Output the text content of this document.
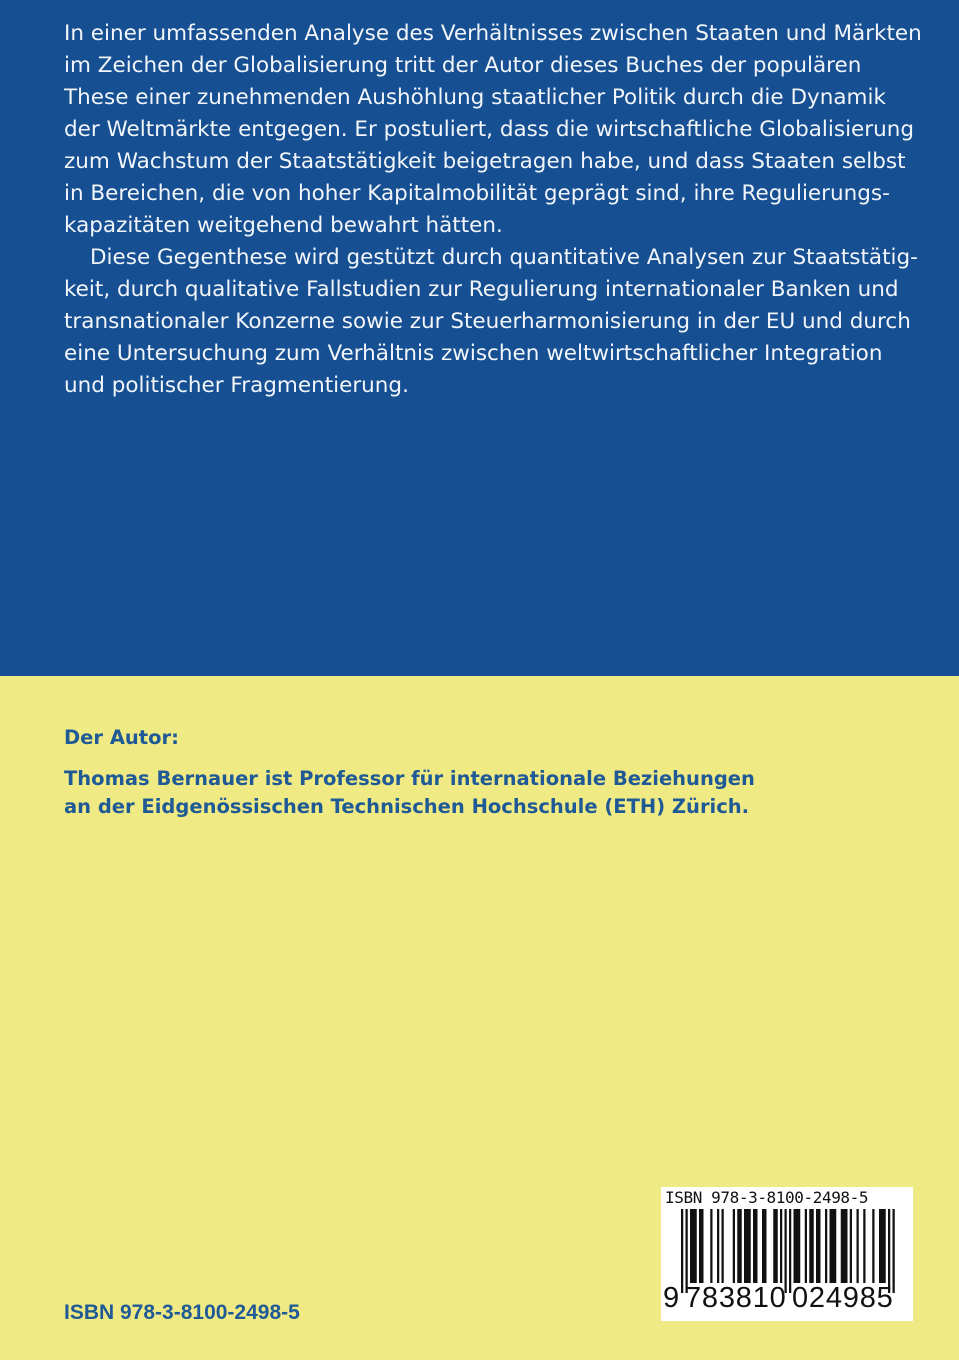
In einer umfassenden Analyse des Verhältnisses zwischen Staaten und Märkten
im Zeichen der Globalisierung tritt der Autor dieses Buches der populären
These einer zunehmenden Aushöhlung staatlicher Politik durch die Dynamik
der Weltmärkte entgegen. Er postuliert, dass die wirtschaftliche Globalisierung
zum Wachstum der Staatstätigkeit beigetragen habe, und dass Staaten selbst
in Bereichen, die von hoher Kapitalmobilität geprägt sind, ihre Regulierungs-
kapazitäten weitgehend bewahrt hätten.

Diese Gegenthese wird gestützt durch quantitative Analysen zur Staatstätig-
keit, durch qualitative Fallstudien zur Regulierung internationaler Banken und
transnationaler Konzerne sowie zur Steuerharmonisierung in der EU und durch
eine Untersuchung zum Verhältnis zwischen weltwirtschaftlicher Integration
und politischer Fragmentierung.

Der Autor:
Thomas Bernauer ist Professor für internationale Beziehungen
an der Eidgenössischen Technischen Hochschule (ETH) Zürich.
ISBN 978-3-8100-2498-5
ISBN 978-3-8100-2498-5
9 783810 024985
